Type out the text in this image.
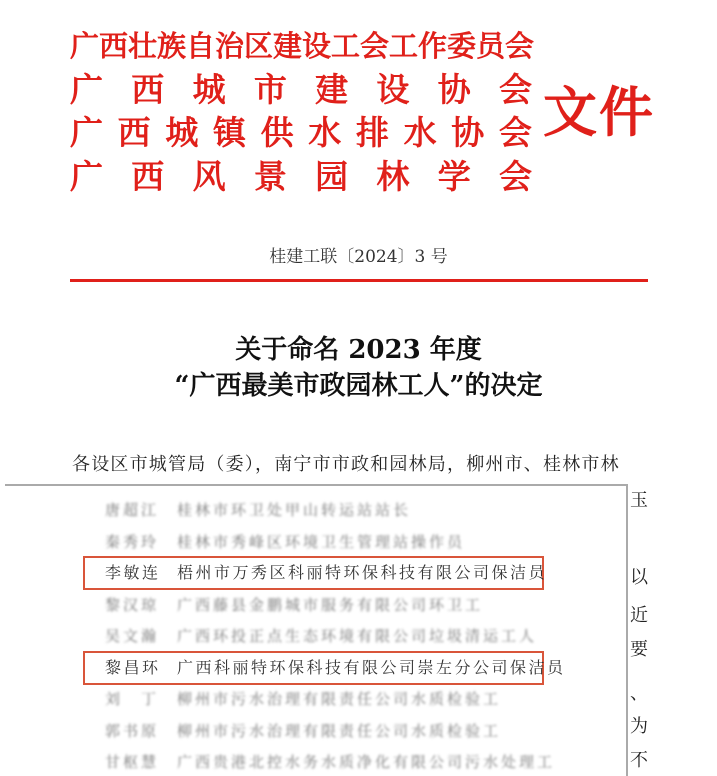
广西壮族自治区建设工会工作委员会
广 西 城 市 建 设 协 会
广 西 城 镇 供 水 排 水 协 会
广 西 风 景 园 林 学 会
文件
桂建工联〔2024〕3 号
关于命名 2023 年度
“广西最美市政园林工人”的决定
各设区市城管局（委），南宁市市政和园林局，柳州市、桂林市林
玉
以
近
要
、
为
不
唐超江	桂林市环卫处甲山转运站站长
秦秀玲	桂林市秀峰区环境卫生管理站操作员
李敏连	梧州市万秀区科丽特环保科技有限公司保洁员
黎汉琼	广西藤县金鹏城市服务有限公司环卫工
吴文瀚	广西环投正点生态环境有限公司垃圾清运工人
黎昌环	广西科丽特环保科技有限公司崇左分公司保洁员
刘　丁	柳州市污水治理有限责任公司水质检验工
郭书原	柳州市污水治理有限责任公司水质检验工
甘枢慧	广西贵港北控水务水质净化有限公司污水处理工
